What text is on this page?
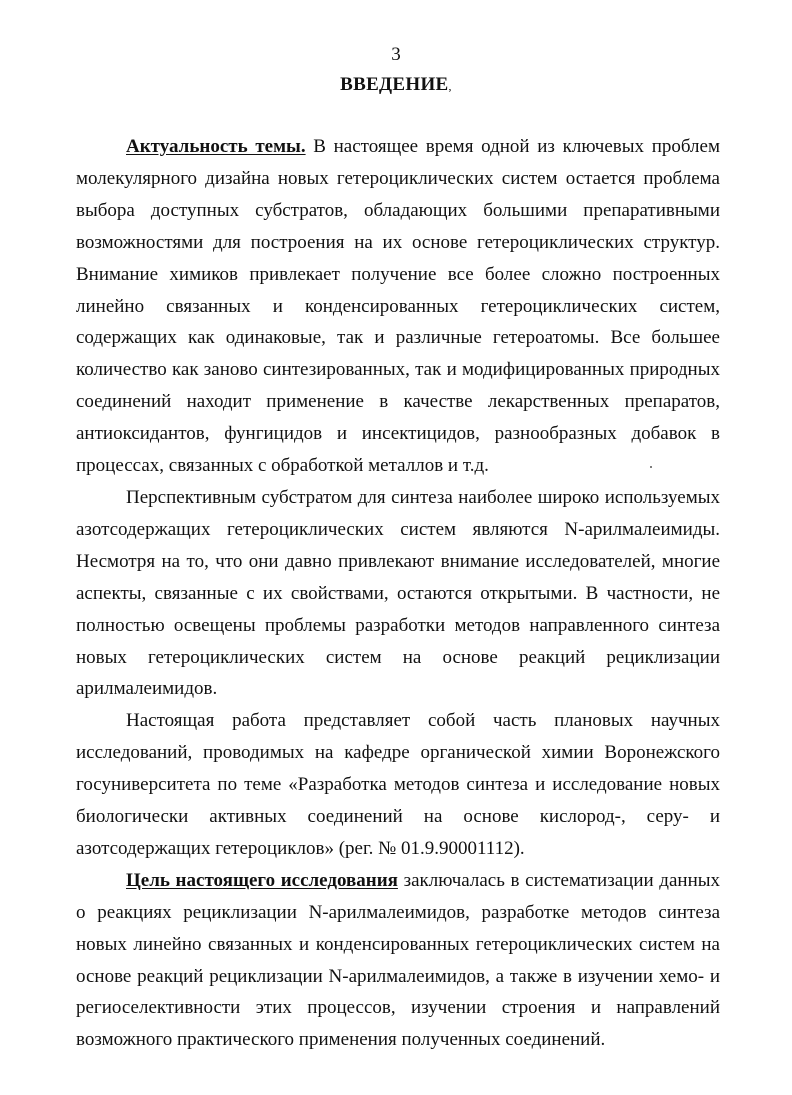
3
ВВЕДЕНИЕ,

Актуальность темы. В настоящее время одной из ключевых проблем молекулярного дизайна новых гетероциклических систем остается проблема выбора доступных субстратов, обладающих большими препаративными возможностями для построения на их основе гетероциклических структур. Внимание химиков привлекает получение все более сложно построенных линейно связанных и конденсированных гетероциклических систем, содержащих как одинаковые, так и различные гетероатомы. Все большее количество как заново синтезированных, так и модифицированных природных соединений находит применение в качестве лекарственных препаратов, антиоксидантов, фунгицидов и инсектицидов, разнообразных добавок в процессах, связанных с обработкой металлов и т.д.

Перспективным субстратом для синтеза наиболее широко используемых азотсодержащих гетероциклических систем являются N-арилмалеимиды. Несмотря на то, что они давно привлекают внимание исследователей, многие аспекты, связанные с их свойствами, остаются открытыми. В частности, не полностью освещены проблемы разработки методов направленного синтеза новых гетероциклических систем на основе реакций рециклизации арилмалеимидов.

Настоящая работа представляет собой часть плановых научных исследований, проводимых на кафедре органической химии Воронежского госуниверситета по теме «Разработка методов синтеза и исследование новых биологически активных соединений на основе кислород-, серу- и азотсодержащих гетероциклов» (рег. № 01.9.90001112).

Цель настоящего исследования заключалась в систематизации данных о реакциях рециклизации N-арилмалеимидов, разработке методов синтеза новых линейно связанных и конденсированных гетероциклических систем на основе реакций рециклизации N-арилмалеимидов, а также в изучении хемо- и региоселективности этих процессов, изучении строения и направлений возможного практического применения полученных соединений.
